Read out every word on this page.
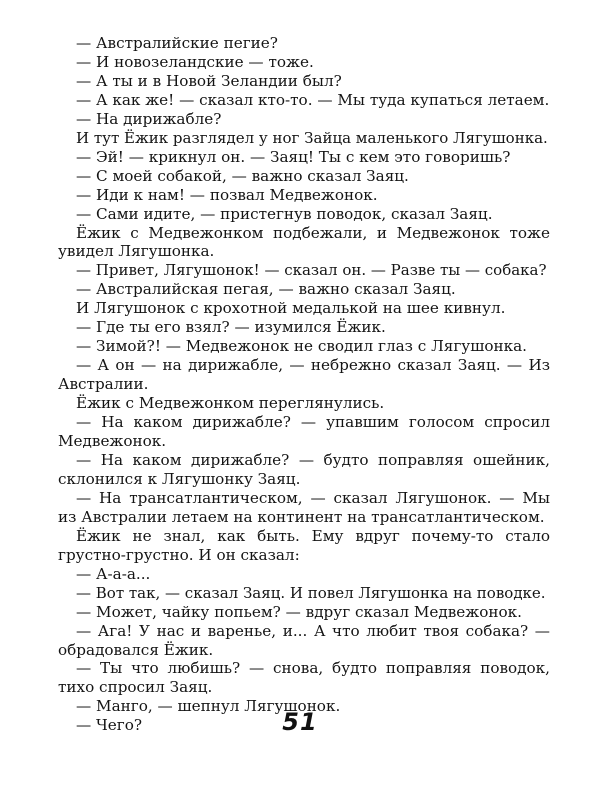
— Австралийские пегие?

— И новозеландские — тоже.

— А ты и в Новой Зеландии был?

— А как же! — сказал кто-то. — Мы туда купаться летаем.

— На дирижабле?

И тут Ёжик разглядел у ног Зайца маленького Лягушонка.

— Эй! — крикнул он. — Заяц! Ты с кем это говоришь?

— С моей собакой, — важно сказал Заяц.

— Иди к нам! — позвал Медвежонок.

— Сами идите, — пристегнув поводок, сказал Заяц.

Ёжик с Медвежонком подбежали, и Медвежонок тоже увидел Лягушонка.

— Привет, Лягушонок! — сказал он. — Разве ты — собака?

— Австралийская пегая, — важно сказал Заяц.

И Лягушонок с крохотной медалькой на шее кивнул.

— Где ты его взял? — изумился Ёжик.

— Зимой?! — Медвежонок не сводил глаз с Лягушонка.

— А он — на дирижабле, — небрежно сказал Заяц. — Из Австралии.

Ёжик с Медвежонком переглянулись.

— На каком дирижабле? — упавшим голосом спросил Медвежонок.

— На каком дирижабле? — будто поправляя ошейник, склонился к Лягушонку Заяц.

— На трансатлантическом, — сказал Лягушонок. — Мы из Австралии летаем на континент на трансатлантическом.

Ёжик не знал, как быть. Ему вдруг почему-то стало грустно-грустно. И он сказал:

— А-а-а...

— Вот так, — сказал Заяц. И повел Лягушонка на поводке.

— Может, чайку попьем? — вдруг сказал Медвежонок.

— Ага! У нас и варенье, и... А что любит твоя собака? — обрадовался Ёжик.

— Ты что любишь? — снова, будто поправляя поводок, тихо спросил Заяц.

— Манго, — шепнул Лягушонок.

— Чего?	51
